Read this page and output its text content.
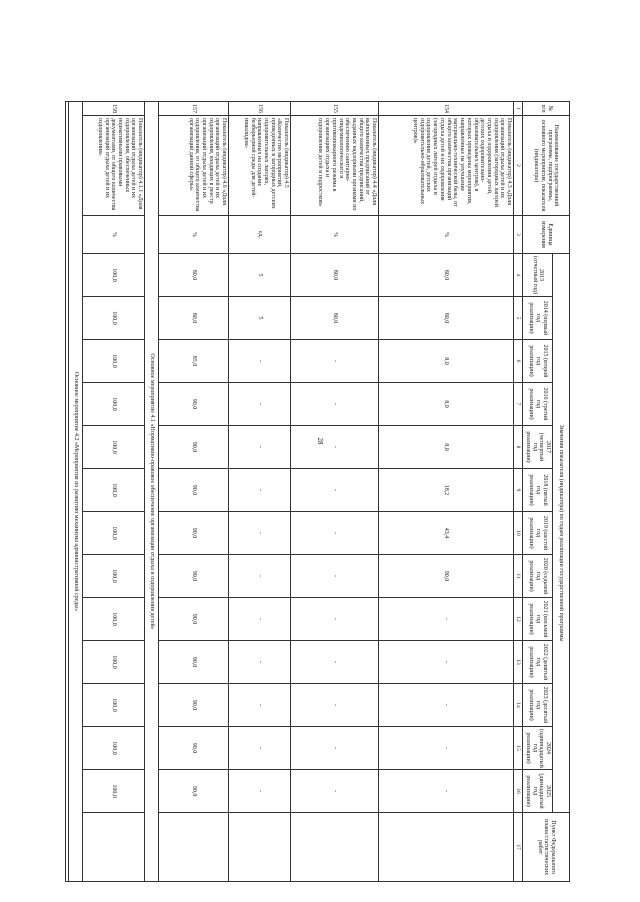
28
№ п/п	Наименование государственной программы, подпрограммы, основного мероприятия, показателя (индикатора)	Единица измерения	Значения показателя (индикатора) по годам реализации государственной программы													Пункт Федерального плана статистических работ
			2013 (отчетный год)	2014 (первый год реализации)	2015 (второй год реализации)	2016 (третий год реализации)	2017 (четвертый год реализации)	2018 (пятый год реализации)	2019 (шестой год реализации)	2020 (седьмой год реализации)	2021 (восьмой год реализации)	2022 (девятый год реализации)	2023 (десятый год реализации)	2024 (одиннадцатый год реализации)	2025 (двенадцатый год реализации)	
1	2	3	4	5	6	7	8	9	10	11	12	13	14	15	16	17
154	Показатель (индикатор) 4.3 «Доля организаций отдыха детей и их оздоровления (загородных лагерей отдыха и оздоровления детей, детских оздоровительно-образовательных центров), в которых проведены мероприятия, направленные на улучшение материально-технической базы, от общего количества организаций отдыха детей и их оздоровления (загородных лагерей отдыха и оздоровления детей, детских оздоровительно-образовательных центров)»	%	80,0	80,0	8,0	8,0	8,0	18,2	43,4	90,0	-	-	-	-	-	
155	Показатель (индикатор) 4.4 «Доля выполненных предписаний от общего количества предписаний, выданных надзорными органами по обеспечению санитарно-эпидемиологического и противопожарного режима в организациях отдыха и оздоровления детей и подростков»	%	80,0	80,0	-	-	-	-	-	-	-	-	-	-	-	
156	Показатель (индикатор) 4.5 «Количество мероприятий, проведенных в загородных детских оздоровительных лагерях, направленных на создание безбарьерной среды для детей-инвалидов»	ед.	5	5	-	-	-	-	-	-	-	-	-	-	-	
157	Показатель (индикатор) 4.6 «Доля организаций отдыха детей и их оздоровления, входящих в реестр организаций отдыха детей и их оздоровления, от общего количества организаций данной сферы»	%	80,0	80,0	85,0	90,0	90,0	90,0	90,0	90,0	90,0	90,0	90,0	90,0	90,0	
Основное мероприятие 4.1 «Нормативно-правовое обеспечение организации отдыха и оздоровления детей»																
158	Показатель (индикатор) 4.1.1 «Доля организаций отдыха детей и их оздоровления, обеспеченных нормативными правовыми документами, от общего количества организаций отдыха детей и их оздоровления»	%	100,0	100,0	100,0	100,0	100,0	100,0	100,0	100,0	100,0	100,0	100,0	100,0	100,0	
Основное мероприятие 4.2 «Мероприятия по развитию механизма административной среды»																
